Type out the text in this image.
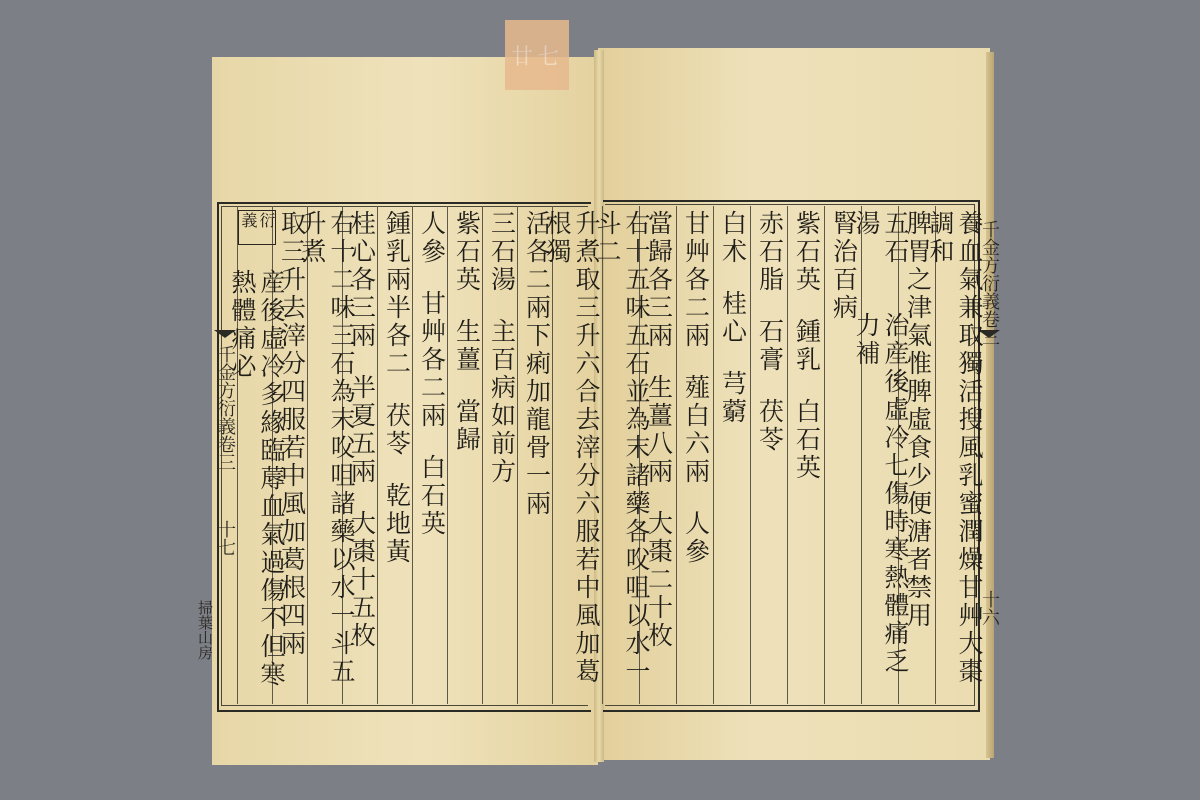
廿七
千金方衍義卷三
十七
掃葉山房
千金方衍義卷三
十六
養血氣兼取獨活搜風乳蜜潤燥甘艸大棗調和
脾胃之津氣惟脾虛食少便溏者禁用
五石湯
治産後虛冷七傷時寒熱體痛乏力補
腎治百病
紫石英
鍾乳
白石英
赤石脂
石膏
茯苓
白术
桂心
芎藭
甘艸各二兩
薤白六兩
人參
當歸各三兩
生薑八兩
大棗二十枚
右十五味五石並為末諸藥各㕮咀以水一斗二
升煮取三升六合去滓分六服若中風加葛根獨
活各二兩下痢加龍骨一兩
三石湯
主百病如前方
紫石英
生薑
當歸
人參
甘艸各二兩
白石英
鍾乳兩半各二
茯苓
乾地黃
桂心各三兩
半夏五兩
大棗十五枚
右十二味三石為末㕮咀諸藥以水一斗五升煮
取三升去滓分四服若中風加葛根四兩
衍義
産後虛冷多緣臨蓐血氣過傷不但寒熱體痛必
